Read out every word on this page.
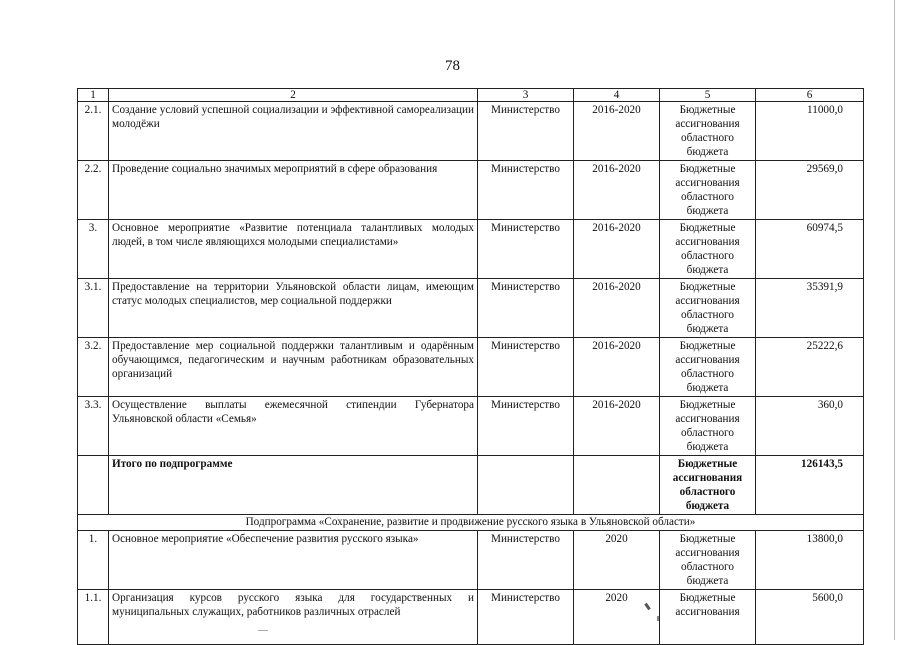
78
1	2	3	4	5	6
2.1.	Создание условий успешной социализации и эффективной самореализации молодёжи	Министерство	2016-2020	Бюджетные ассигнования областного бюджета	11000,0
2.2.	Проведение социально значимых мероприятий в сфере образования	Министерство	2016-2020	Бюджетные ассигнования областного бюджета	29569,0
3.	Основное мероприятие «Развитие потенциала талантливых молодых людей, в том числе являющихся молодыми специалистами»	Министерство	2016-2020	Бюджетные ассигнования областного бюджета	60974,5
3.1.	Предоставление на территории Ульяновской области лицам, имеющим статус молодых специалистов, мер социальной поддержки	Министерство	2016-2020	Бюджетные ассигнования областного бюджета	35391,9
3.2.	Предоставление мер социальной поддержки талантливым и одарённым обучающимся, педагогическим и научным работникам образовательных организаций	Министерство	2016-2020	Бюджетные ассигнования областного бюджета	25222,6
3.3.	Осуществление выплаты ежемесячной стипендии Губернатора Ульяновской области «Семья»	Министерство	2016-2020	Бюджетные ассигнования областного бюджета	360,0
	Итого по подпрограмме			Бюджетные ассигнования областного бюджета	126143,5
Подпрограмма «Сохранение, развитие и продвижение русского языка в Ульяновской области»					
1.	Основное мероприятие «Обеспечение развития русского языка»	Министерство	2020	Бюджетные ассигнования областного бюджета	13800,0
1.1.	Организация курсов русского языка для государственных и муниципальных служащих, работников различных отраслей	Министерство	2020	Бюджетные ассигнования	5600,0
